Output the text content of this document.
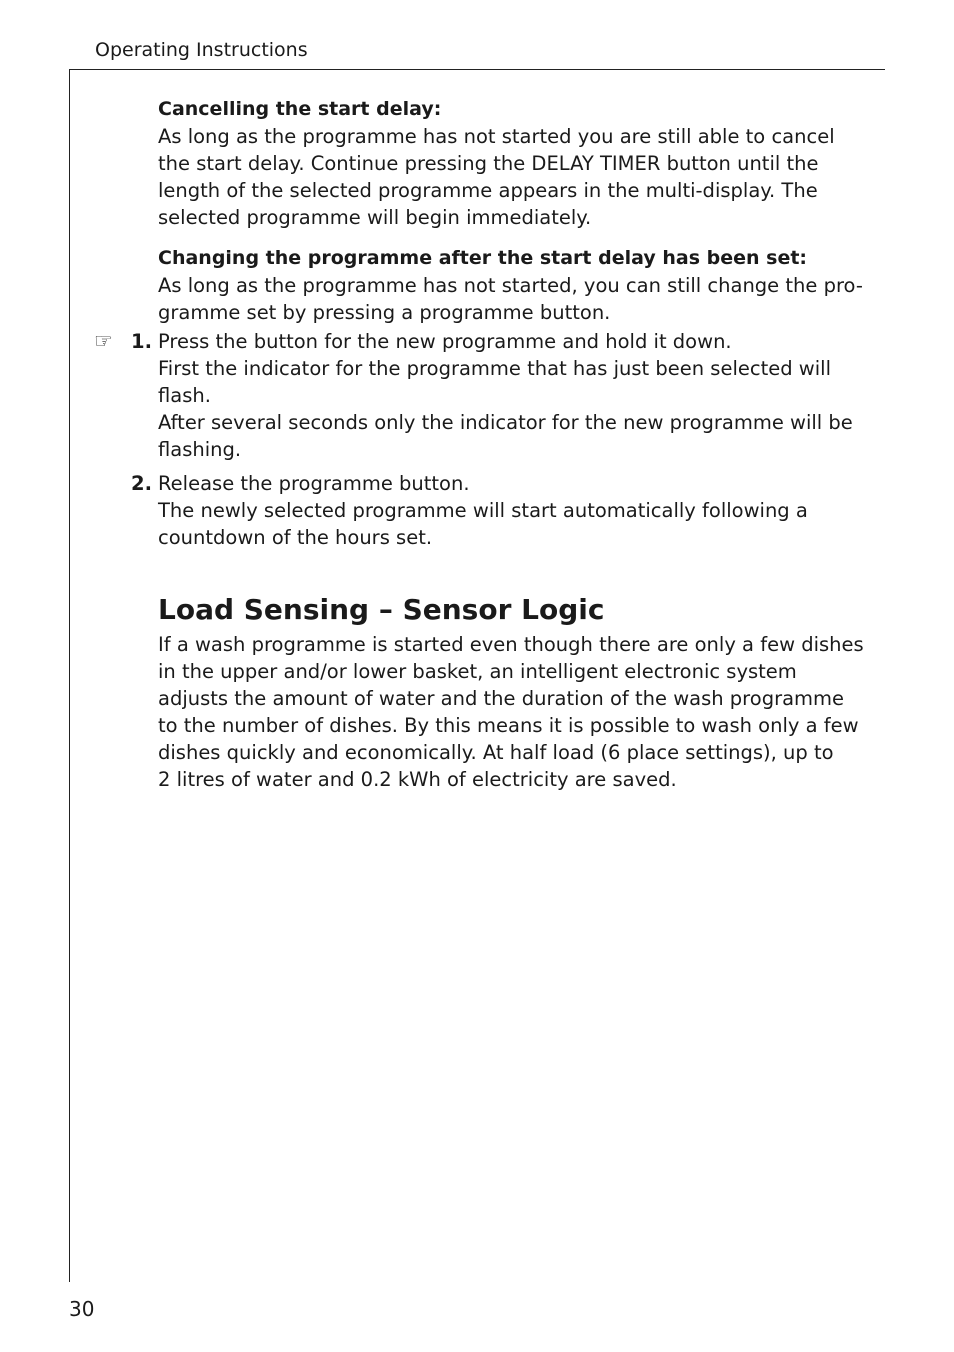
Operating Instructions

Cancelling the start delay:

As long as the programme has not started you are still able to cancel

the start delay. Continue pressing the DELAY TIMER button until the

length of the selected programme appears in the multi-display. The

selected programme will begin immediately.

Changing the programme after the start delay has been set:

As long as the programme has not started, you can still change the pro-

gramme set by pressing a programme button.

☞ 1. Press the button for the new programme and hold it down.

First the indicator for the programme that has just been selected will

flash.

After several seconds only the indicator for the new programme will be

flashing.

2. Release the programme button.

The newly selected programme will start automatically following a

countdown of the hours set.

Load Sensing – Sensor Logic

If a wash programme is started even though there are only a few dishes

in the upper and/or lower basket, an intelligent electronic system

adjusts the amount of water and the duration of the wash programme

to the number of dishes. By this means it is possible to wash only a few

dishes quickly and economically. At half load (6 place settings), up to

2 litres of water and 0.2 kWh of electricity are saved.

30
